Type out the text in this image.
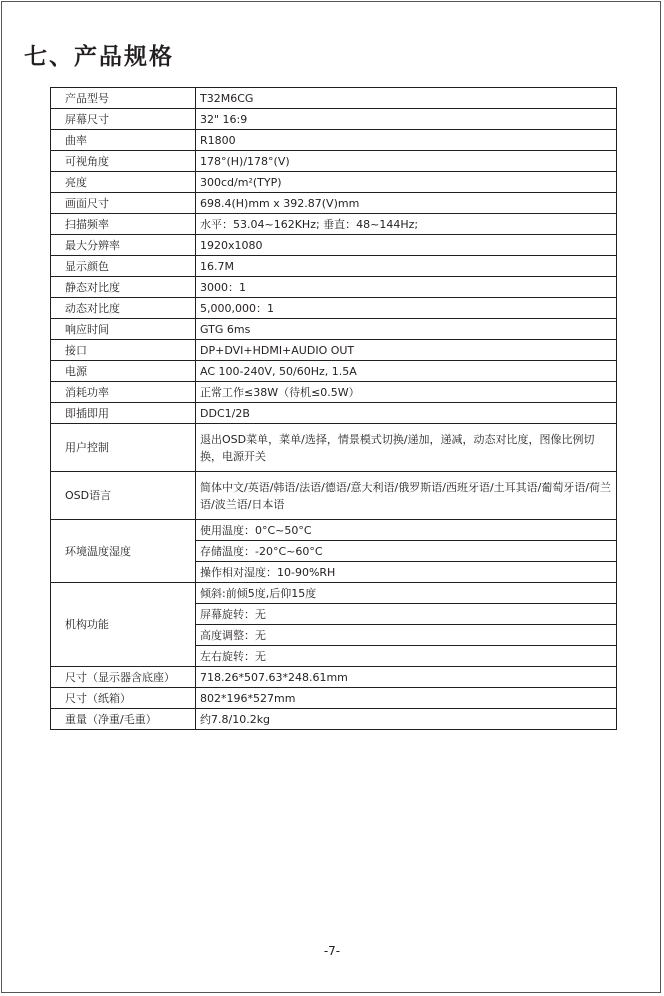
七、产品规格
产品型号	T32M6CG
屏幕尺寸	32" 16:9
曲率	R1800
可视角度	178°(H)/178°(V)
亮度	300cd/m²(TYP)
画面尺寸	698.4(H)mm x 392.87(V)mm
扫描频率	水平：53.04~162KHz; 垂直：48~144Hz;
最大分辨率	1920x1080
显示颜色	16.7M
静态对比度	3000：1
动态对比度	5,000,000：1
响应时间	GTG 6ms
接口	DP+DVI+HDMI+AUDIO OUT
电源	AC 100-240V, 50/60Hz, 1.5A
消耗功率	正常工作≤38W（待机≤0.5W）
即插即用	DDC1/2B
用户控制	退出OSD菜单，菜单/选择，情景模式切换/递加，递减，动态对比度，图像比例切换，电源开关
OSD语言	简体中文/英语/韩语/法语/德语/意大利语/俄罗斯语/西班牙语/土耳其语/葡萄牙语/荷兰语/波兰语/日本语
环境温度湿度	使用温度：0°C~50°C
	存储温度：-20°C~60°C
	操作相对湿度：10-90%RH
机构功能	倾斜:前倾5度,后仰15度
	屏幕旋转：无
	高度调整：无
	左右旋转：无
尺寸（显示器含底座）	718.26*507.63*248.61mm
尺寸（纸箱）	802*196*527mm
重量（净重/毛重）	约7.8/10.2kg
-7-
